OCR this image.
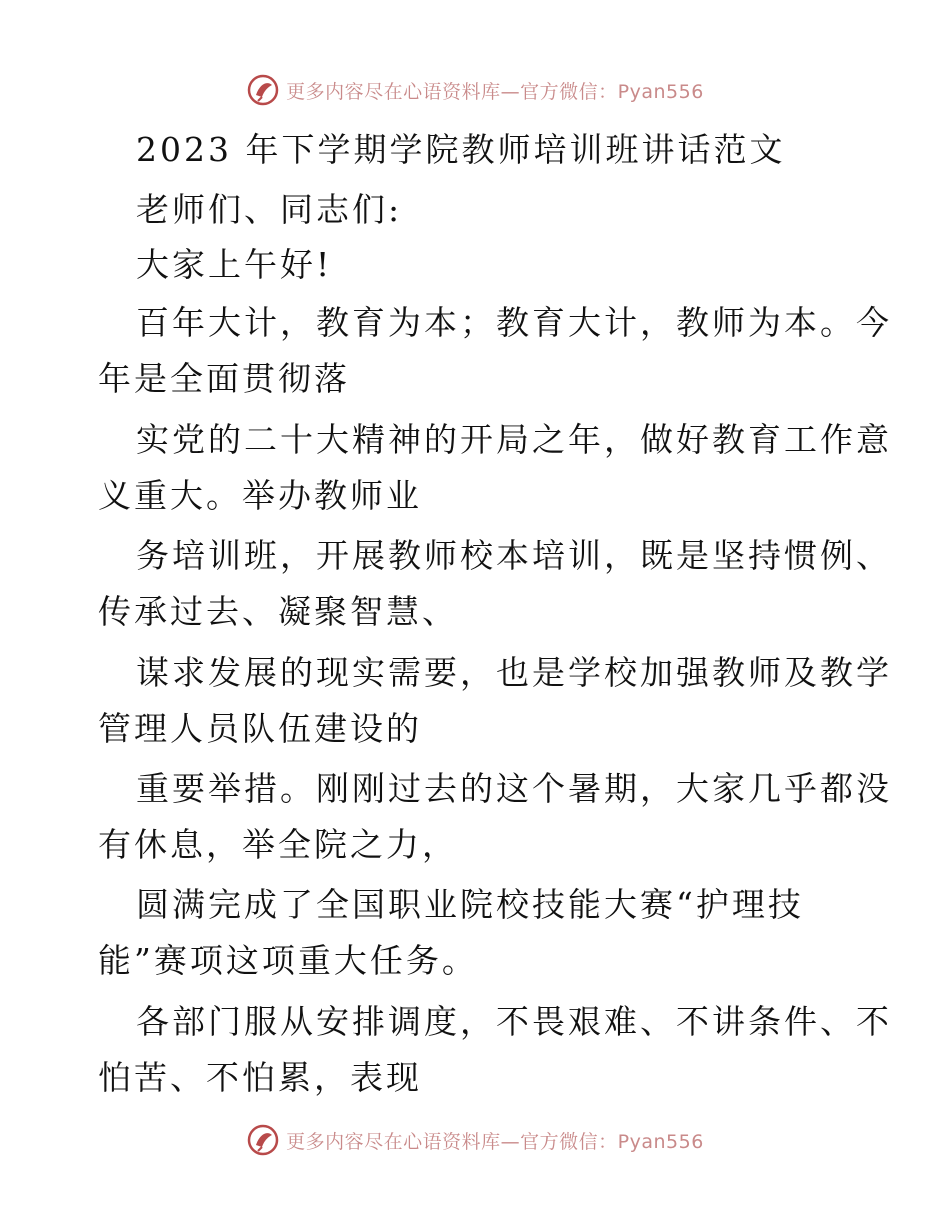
更多内容尽在心语资料库—官方微信：Pyan556
2023 年下学期学院教师培训班讲话范文
老师们、同志们:
大家上午好!
百年大计，教育为本；教育大计，教师为本。今
年是全面贯彻落
实党的二十大精神的开局之年，做好教育工作意
义重大。举办教师业
务培训班，开展教师校本培训，既是坚持惯例、
传承过去、凝聚智慧、
谋求发展的现实需要，也是学校加强教师及教学
管理人员队伍建设的
重要举措。刚刚过去的这个暑期，大家几乎都没
有休息，举全院之力，
圆满完成了全国职业院校技能大赛“护理技
能”赛项这项重大任务。
各部门服从安排调度，不畏艰难、不讲条件、不
怕苦、不怕累，表现
更多内容尽在心语资料库—官方微信：Pyan556
